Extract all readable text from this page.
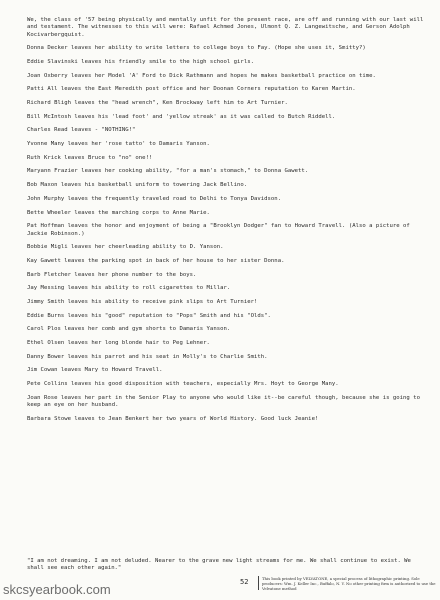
We, the class of '57 being physically and mentally unfit for the present race, are off and running with our last will and testament. The witnesses to this will were: Rafael Achmed Jones, Ulmont Q. Z. Langewitsche, and Gerson Adolph Kocivarbergquist.

Donna Decker leaves her ability to write letters to college boys to Fay. (Hope she uses it, Smitty?)

Eddie Slavinski leaves his friendly smile to the high school girls.

Joan Oxberry leaves her Model 'A' Ford to Dick Rathmann and hopes he makes basketball practice on time.

Patti All leaves the East Meredith post office and her Doonan Corners reputation to Karen Martin.

Richard Bligh leaves the "head wrench", Ken Brockway left him to Art Turnier.

Bill McIntosh leaves his 'lead foot' and 'yellow streak' as it was called to Butch Riddell.

Charles Read leaves - "NOTHING!"

Yvonne Many leaves her 'rose tatto' to Damaris Yanson.

Ruth Krick leaves Bruce to "no" one!!

Maryann Frazier leaves her cooking ability, "for a man's stomach," to Donna Gawett.

Bob Maxon leaves his basketball uniform to towering Jack Bellino.

John Murphy leaves the frequently traveled road to Delhi to Tonya Davidson.

Bette Wheeler leaves the marching corps to Anne Marie.

Pat Hoffman leaves the honor and enjoyment of being a "Brooklyn Dodger" fan to Howard Travell. (Also a picture of Jackie Robinson.)

Bobbie Migli leaves her cheerleading ability to D. Yanson.

Kay Gawett leaves the parking spot in back of her house to her sister Donna.

Barb Fletcher leaves her phone number to the boys.

Jay Messing leaves his ability to roll cigarettes to Millar.

Jimmy Smith leaves his ability to receive pink slips to Art Turnier!

Eddie Burns leaves his "good" reputation to "Pops" Smith and his "Olds".

Carol Plos leaves her comb and gym shorts to Damaris Yanson.

Ethel Olsen leaves her long blonde hair to Peg Lehner.

Danny Bower leaves his parrot and his seat in Molly's to Charlie Smith.

Jim Cowan leaves Mary to Howard Travell.

Pete Collins leaves his good disposition with teachers, especially Mrs. Hoyt to George Many.

Joan Rose leaves her part in the Senior Play to anyone who would like it--be careful though, because she is going to keep an eye on her husband.

Barbara Stowe leaves to Jean Benkert her two years of World History. Good luck Jeanie!

"I am not dreaming. I am not deluded. Nearer to the grave new light streams for me. We shall continue to exist. We shall see each other again."

52	This book printed by VELVATONE, a special process of lithographic printing. Sole producers: Wm. J. Keller Inc., Buffalo, N. Y. No other printing firm is authorized to use the Velvatone method
skcsyearbook.com
